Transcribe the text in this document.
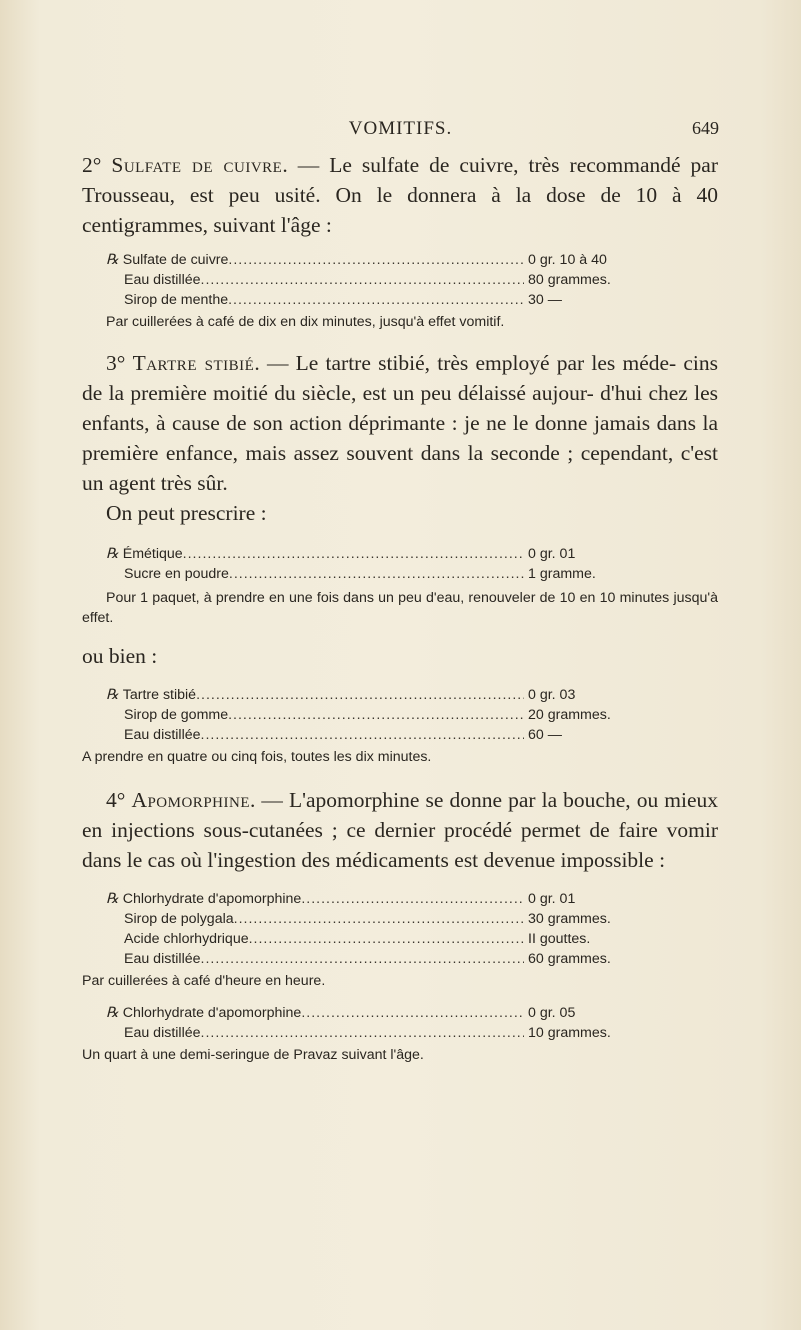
VOMITIFS.	649

2° Sulfate de cuivre. — Le sulfate de cuivre, très recommandé par Trousseau, est peu usité. On le donnera à la dose de 10 à 40 centigrammes, suivant l'âge :

℞ Sulfate de cuivre .....	0 gr. 10 à 40
Eau distillée .....	80 grammes.
Sirop de menthe .....	30 —

Par cuillerées à café de dix en dix minutes, jusqu'à effet vomitif.

3° Tartre stibié. — Le tartre stibié, très employé par les méde- cins de la première moitié du siècle, est un peu délaissé aujour- d'hui chez les enfants, à cause de son action déprimante : je ne le donne jamais dans la première enfance, mais assez souvent dans la seconde ; cependant, c'est un agent très sûr.

On peut prescrire :

℞ Émétique .....	0 gr. 01
Sucre en poudre .....	1 gramme.

Pour 1 paquet, à prendre en une fois dans un peu d'eau, renouveler de 10 en 10 minutes jusqu'à effet.

ou bien :

℞ Tartre stibié .....	0 gr. 03
Sirop de gomme .....	20 grammes.
Eau distillée .....	60 —

A prendre en quatre ou cinq fois, toutes les dix minutes.

4° Apomorphine. — L'apomorphine se donne par la bouche, ou mieux en injections sous-cutanées ; ce dernier procédé permet de faire vomir dans le cas où l'ingestion des médicaments est devenue impossible :

℞ Chlorhydrate d'apomorphine .....	0 gr. 01
Sirop de polygala .....	30 grammes.
Acide chlorhydrique .....	II gouttes.
Eau distillée .....	60 grammes.

Par cuillerées à café d'heure en heure.

℞ Chlorhydrate d'apomorphine .....	0 gr. 05
Eau distillée .....	10 grammes.

Un quart à une demi-seringue de Pravaz suivant l'âge.
